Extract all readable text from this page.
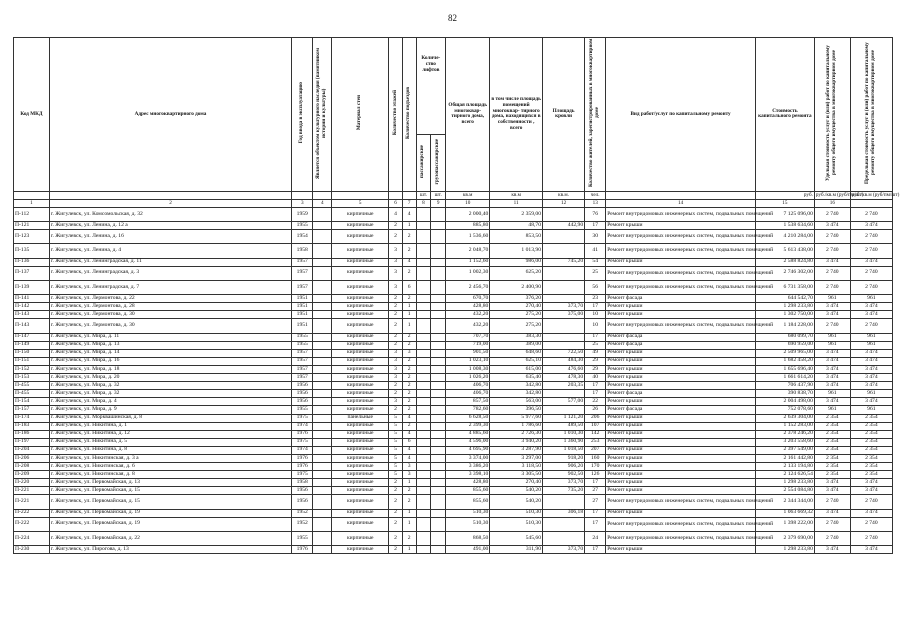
82
Код МКД	Адрес многоквартирного дома	Год ввода в эксплуатацию	Является объектом культурного наследия (памятником истории и культуры)	Материал стен	Количество этажей	Количество подъездов	Количе- ство лифтов		Общая площадь многоквар- тирного дома, всего	в том числе площадь помещений многоквар- тирного дома, находящихся в собственности , всего	Площадь кровли	Количество жителей, зарегистрированных в многоквартирном доме	Вид работ/услуг по капитальному ремонту	Стоимость капитального ремонта	Удельная стоимость услуг и (или) работ по капитальному ремонту общего имущества в многоквартирном доме	Предельная стоимость услуг и (или) работ по капитальному ремонту общего имущества в многоквартирном доме
							пассажирские	грузопассажирские								
							шт.	шт.	кв.м	кв.м	кв.м.	чел.		руб.	руб./кв.м (руб/пм/шт)	руб./кв.м (руб/пм/шт)
1	2	3	4	5	6	7	8	9	10	11	12	13	14	15	16	
П-112	г. Жигулевск, ул. Комсомольская, д. 32	1959		кирпичные	4	4			2 000,40	2 359,00		76	Ремонт внутридомовых инженерных систем, подвальных помещений	7 125 096,00	2 740	2 740
П-121	г. Жигулевск, ул. Ленина, д. 12 а	1955		кирпичные	2	1			885,80	48,70	442,90	17	Ремонт крыши	1 538 634,60	3 474	3 474
П-123	г. Жигулевск, ул. Ленина, д. 16	1954		кирпичные	2	2			1 536,60	853,50		30	Ремонт внутридомовых инженерных систем, подвальных помещений	4 210 284,00	2 740	2 740
П-135	г. Жигулевск, ул. Ленина, д. 4	1958		кирпичные	3	2			2 048,70	1 013,90		41	Ремонт внутридомовых инженерных систем, подвальных помещений	5 613 438,00	2 740	2 740
П-136	г. Жигулевск, ул. Ленинградская, д. 11	1957		кирпичные	3	4			1 152,60	986,00	745,20	54	Ремонт крыши	2 588 824,80	3 474	3 474
П-137	г. Жигулевск, ул. Ленинградская, д. 3	1957		кирпичные	3	2			1 002,30	625,20		25	Ремонт внутридомовых инженерных систем, подвальных помещений	2 746 302,00	2 740	2 740
П-139	г. Жигулевск, ул. Ленинградская, д. 7	1957		кирпичные	3	6			2 456,70	2 400,90		56	Ремонт внутридомовых инженерных систем, подвальных помещений	6 731 358,00	2 740	2 740
П-141	г. Жигулевск, ул. Лермонтова, д. 22	1951		кирпичные	2	2			670,70	376,20		23	Ремонт фасада	644 542,70	961	961
П-142	г. Жигулевск, ул. Лермонтова, д. 28	1951		кирпичные	2	1			428,80	270,40	373,70	17	Ремонт крыши	1 298 233,80	3 474	3 474
П-143	г. Жигулевск, ул. Лермонтова, д. 30	1951		кирпичные	2	1			432,20	275,20	375,00	10	Ремонт крыши	1 302 750,00	3 474	3 474
П-143	г. Жигулевск, ул. Лермонтова, д. 30	1951		кирпичные	2	1			432,20	275,20		10	Ремонт внутридомовых инженерных систем, подвальных помещений	1 184 228,00	2 740	2 740
П-147	г. Жигулевск, ул. Мира, д. 11	1955		кирпичные	2	2			707,70	383,30		17	Ремонт фасада	680 099,70	961	961
П-149	г. Жигулевск, ул. Мира, д. 13	1955		кирпичные	2	2			719,00	389,00		25	Ремонт фасада	690 959,00	961	961
П-150	г. Жигулевск, ул. Мира, д. 14	1957		кирпичные	3	3			901,50	648,60	722,50	49	Ремонт крыши	2 509 965,00	3 474	3 474
П-151	г. Жигулевск, ул. Мира, д. 16	1957		кирпичные	3	2			1 023,10	625,10	484,30	29	Ремонт крыши	1 682 458,20	3 474	3 474
П-152	г. Жигулевск, ул. Мира, д. 18	1957		кирпичные	3	2			1 008,30	615,00	476,60	29	Ремонт крыши	1 655 696,40	3 474	3 474
П-153	г. Жигулевск, ул. Мира, д. 20	1957		кирпичные	3	2			1 026,20	635,40	478,30	40	Ремонт крыши	1 661 614,20	3 474	3 474
П-455	г. Жигулевск, ул. Мира, д. 32	1956		кирпичные	2	2			406,70	342,80	203,35	17	Ремонт крыши	706 437,90	3 474	3 474
П-455	г. Жигулевск, ул. Мира, д. 32	1956		кирпичные	2	2			406,70	342,80		17	Ремонт фасада	390 838,70	961	961
П-154	г. Жигулевск, ул. Мира, д. 4	1956		кирпичные	3	2			857,50	563,00	577,00	22	Ремонт крыши	2 004 498,00	3 474	3 474
П-157	г. Жигулевск, ул. Мира, д. 9	1955		кирпичные	2	2			782,60	396,50		26	Ремонт фасада	752 078,60	961	961
П-174	г. Жигулевск, ул. Морквашинская, д. 8	1975		панельные	5	4			6 628,50	5 977,60	1 121,20	206	Ремонт крыши	2 639 304,00	2 354	2 354
П-183	г. Жигулевск, ул. Никитина, д. 1	1974		кирпичные	5	2			2 399,30	1 786,60	489,50	107	Ремонт крыши	1 152 283,00	2 354	2 354
П-186	г. Жигулевск, ул. Никитина, д. 12	1976		кирпичные	5	4			4 885,60	2 726,30	1 010,30	142	Ремонт крыши	2 378 246,20	2 354	2 354
П-197	г. Жигулевск, ул. Никитина, д. 5	1975		кирпичные	5	6			4 596,00	3 940,20	1 360,90	253	Ремонт крыши	3 203 558,60	2 354	2 354
П-204	г. Жигулевск, ул. Никитина, д. 8	1974		кирпичные	5	4			4 695,90	3 287,90	1 018,50	207	Ремонт крыши	2 397 549,00	2 354	2 354
П-206	г. Жигулевск, ул. Никитинская, д. 3 а	1976		кирпичные	5	4			3 374,00	3 297,00	918,20	160	Ремонт крыши	2 161 442,80	2 354	2 354
П-208	г. Жигулевск, ул. Никитинская, д. 6	1976		кирпичные	5	3			3 386,20	3 118,50	906,20	170	Ремонт крыши	2 133 194,80	2 354	2 354
П-209	г. Жигулевск, ул. Никитинская, д. 8	1975		кирпичные	5	3			3 398,10	3 305,50	902,50	126	Ремонт крыши	2 124 626,54	2 354	2 354
П-220	г. Жигулевск, ул. Первомайская, д. 13	1958		кирпичные	2	1			428,80	270,40	373,70	17	Ремонт крыши	1 298 233,80	3 474	3 474
П-221	г. Жигулевск, ул. Первомайская, д. 15	1956		кирпичные	2	2			855,60	540,20	735,20	27	Ремонт крыши	2 554 084,80	3 474	3 474
П-221	г. Жигулевск, ул. Первомайская, д. 15	1956		кирпичные	2	2			855,60	540,20		27	Ремонт внутридомовых инженерных систем, подвальных помещений	2 344 344,00	2 740	2 740
П-222	г. Жигулевск, ул. Первомайская, д. 19	1952		кирпичные	2	1			510,30	510,30	306,18	17	Ремонт крыши	1 063 669,32	3 474	3 474
П-222	г. Жигулевск, ул. Первомайская, д. 19	1952		кирпичные	2	1			510,30	510,30		17	Ремонт внутридомовых инженерных систем, подвальных помещений	1 398 222,00	2 740	2 740
П-224	г. Жигулевск, ул. Первомайская, д. 22	1955		кирпичные	2	2			868,50	545,60		24	Ремонт внутридомовых инженерных систем, подвальных помещений	2 379 690,00	2 740	2 740
П-230	г. Жигулевск, ул. Пирогова, д. 13	1976		кирпичные	2	1			491,00	311,90	373,70	17	Ремонт крыши	1 298 233,80	3 474	3 474
